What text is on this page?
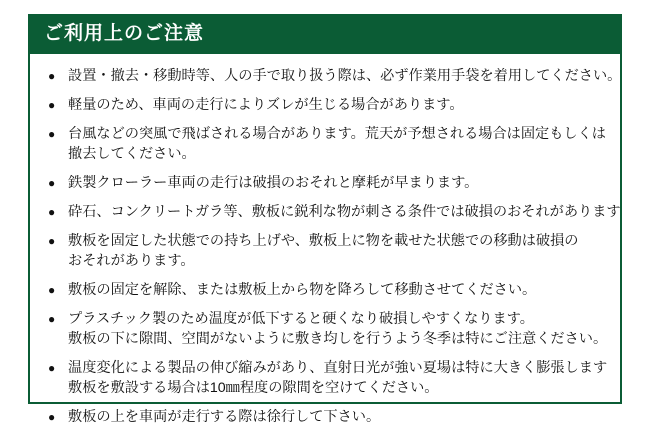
ご利用上のご注意
● 設置・撤去・移動時等、人の手で取り扱う際は、必ず作業用手袋を着用してください。
● 軽量のため、車両の走行によりズレが生じる場合があります。
● 台風などの突風で飛ばされる場合があります。荒天が予想される場合は固定もしくは
撤去してください。
● 鉄製クローラー車両の走行は破損のおそれと摩耗が早まります。
● 砕石、コンクリートガラ等、敷板に鋭利な物が刺さる条件では破損のおそれがあります
● 敷板を固定した状態での持ち上げや、敷板上に物を載せた状態での移動は破損の
おそれがあります。
● 敷板の固定を解除、または敷板上から物を降ろして移動させてください。
● プラスチック製のため温度が低下すると硬くなり破損しやすくなります。
敷板の下に隙間、空間がないように敷き均しを行うよう冬季は特にご注意ください。
● 温度変化による製品の伸び縮みがあり、直射日光が強い夏場は特に大きく膨張します
敷板を敷設する場合は10㎜程度の隙間を空けてください。
● 敷板の上を車両が走行する際は徐行して下さい。
